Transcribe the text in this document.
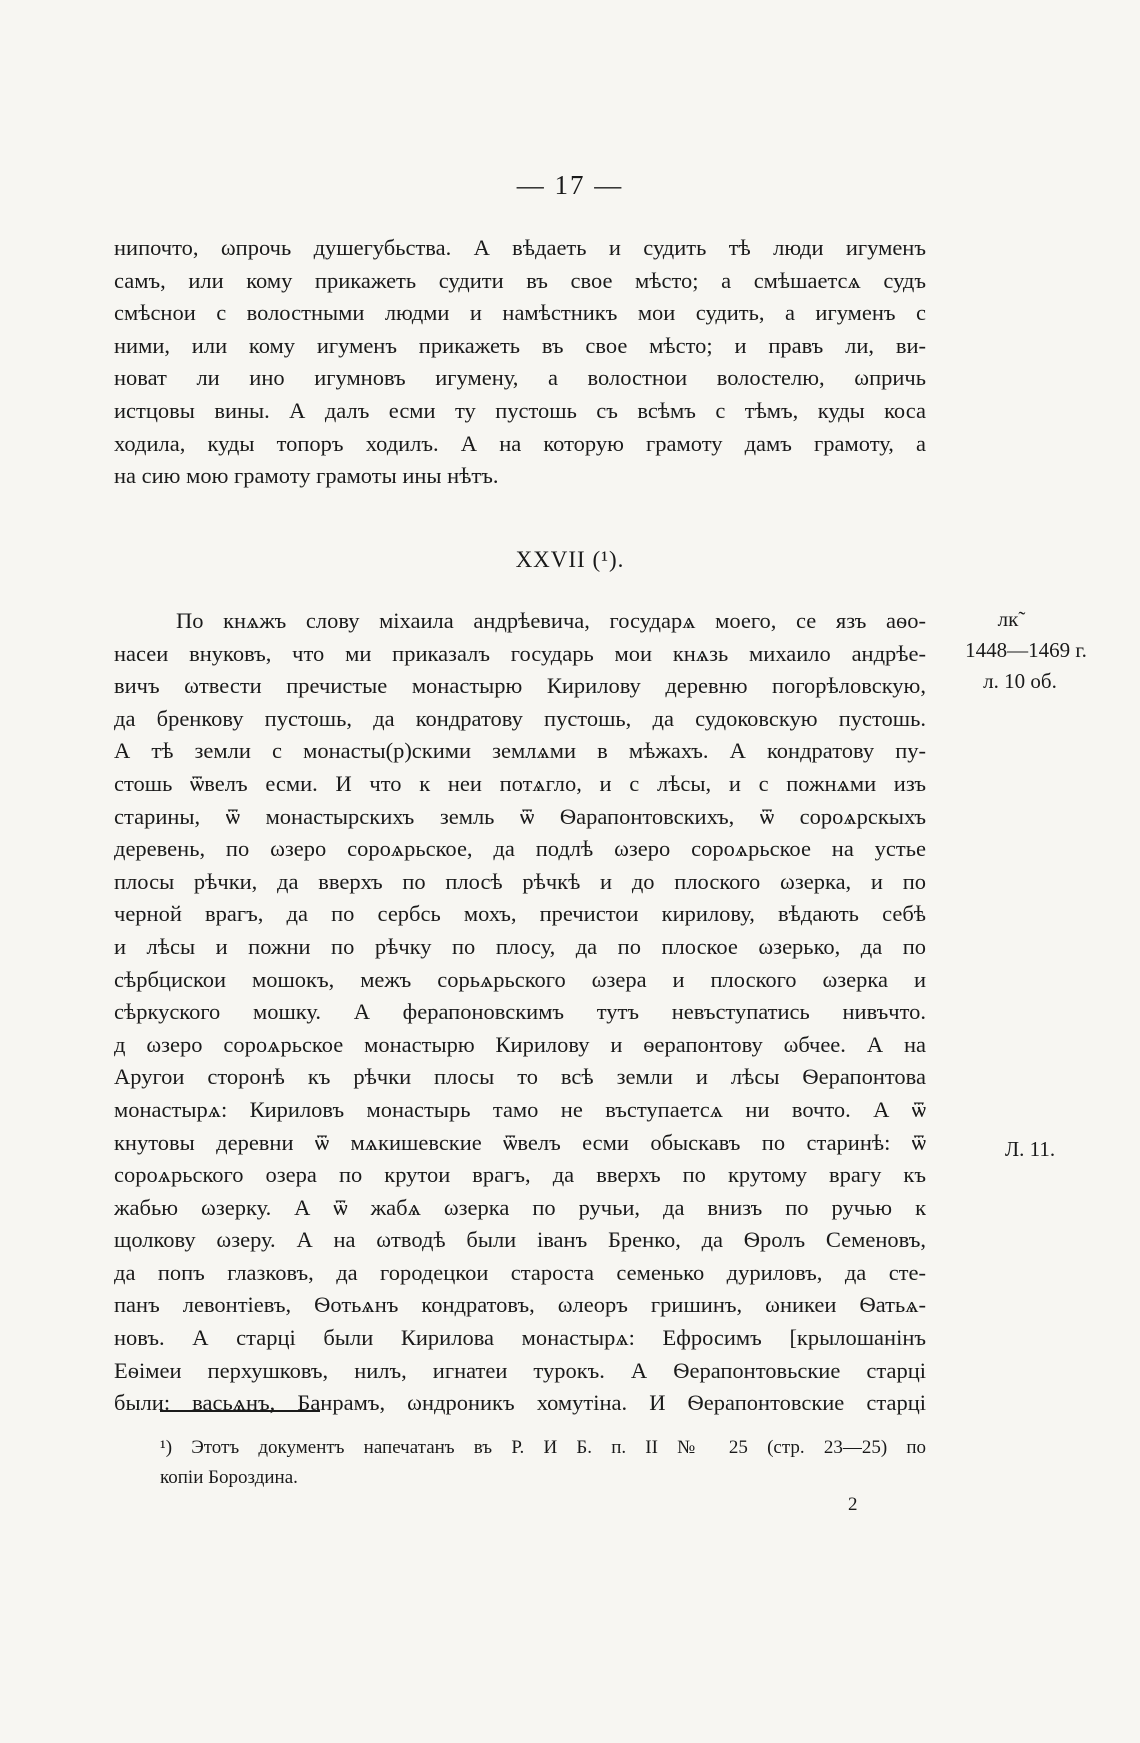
— 17 —
нипочто, ωпрочь душегубьства. А вѣдаеть и судить тѣ люди игуменъ
самъ, или кому прикажеть судити въ свое мѣсто; а смѣшаетсѧ судъ
смѣснои с волостными людми и намѣстникъ мои судить, а игуменъ с
ними, или кому игуменъ прикажеть въ свое мѣсто; и правъ ли, ви-
новат ли ино игумновъ игумену, а волостнои волостелю, ωпричь
истцовы вины. А далъ есми ту пустошь съ всѣмъ с тѣмъ, куды коса
ходила, куды топоръ ходилъ. А на которую грамоту дамъ грамоту, а
на сию мою грамоту грамоты ины нѣтъ.
XXVII (¹).
По кнѧжъ слову міхаила андрѣевича, государѧ моего, се язъ аѳо-
насеи внуковъ, что ми приказалъ государь мои кнѧзь михаило андрѣе-
вичъ ωтвести пречистые монастырю Кирилову деревню погорѣловскую,
да бренкову пустошь, да кондратову пустошь, да судоковскую пустошь.
А тѣ земли с монасты(р)скими землѧми в мѣжахъ. А кондратову пу-
стошь ѿвелъ есми. И что к неи потѧгло, и с лѣсы, и с пожнѧми изъ
старины, ѿ монастырскихъ земль ѿ Ѳарапонтовскихъ, ѿ сороѧрскыхъ
деревень, по ωзеро сороѧрьское, да подлѣ ωзеро сороѧрьское на устье
плосы рѣчки, да вверхъ по плосѣ рѣчкѣ и до плоского ωзерка, и по
черной врагъ, да по сербсь мохъ, пречистои кирилову, вѣдають себѣ
и лѣсы и пожни по рѣчку по плосу, да по плоское ωзерько, да по
сѣрбцискои мошокъ, межъ сорьѧрьского ωзера и плоского ωзерка и
сѣркуского мошку. А ферапоновскимъ тутъ невъступатись нивъчто.
д ωзеро сороѧрьское монастырю Кирилову и ѳерапонтову ωбчее. А на
Аругои сторонѣ къ рѣчки плосы то всѣ земли и лѣсы Ѳерапонтова
монастырѧ: Кириловъ монастырь тамо не въступаетсѧ ни вочто. А ѿ
кнутовы деревни ѿ мѧкишевские ѿвелъ есми обыскавъ по старинѣ: ѿ
сороѧрьского озера по крутои врагъ, да вверхъ по крутому врагу къ
жабью ωзерку. А ѿ жабѧ ωзерка по ручьи, да внизъ по ручью к
щолкову ωзеру. А на ωтводѣ были іванъ Бренко, да Ѳролъ Семеновъ,
да попъ глазковъ, да городецкои староста семенько дуриловъ, да сте-
панъ левонтіевъ, Ѳотьѧнъ кондратовъ, ωлеоръ гришинъ, ωникеи Ѳатьѧ-
новъ. А старці были Кирилова монастырѧ: Ефросимъ [крылошанінъ
Еѳімеи перхушковъ, нилъ, игнатеи турокъ. А Ѳерапонтовьские старці
были: васьѧнъ, Банрамъ, ωндроникъ хомутіна. И Ѳерапонтовские старці
лк̃
1448—1469 г.
л. 10 об.
Л. 11.
¹) Этотъ документъ напечатанъ въ Р. И Б. п. II № 25 (стр. 23—25) по
копіи Бороздина.
2
